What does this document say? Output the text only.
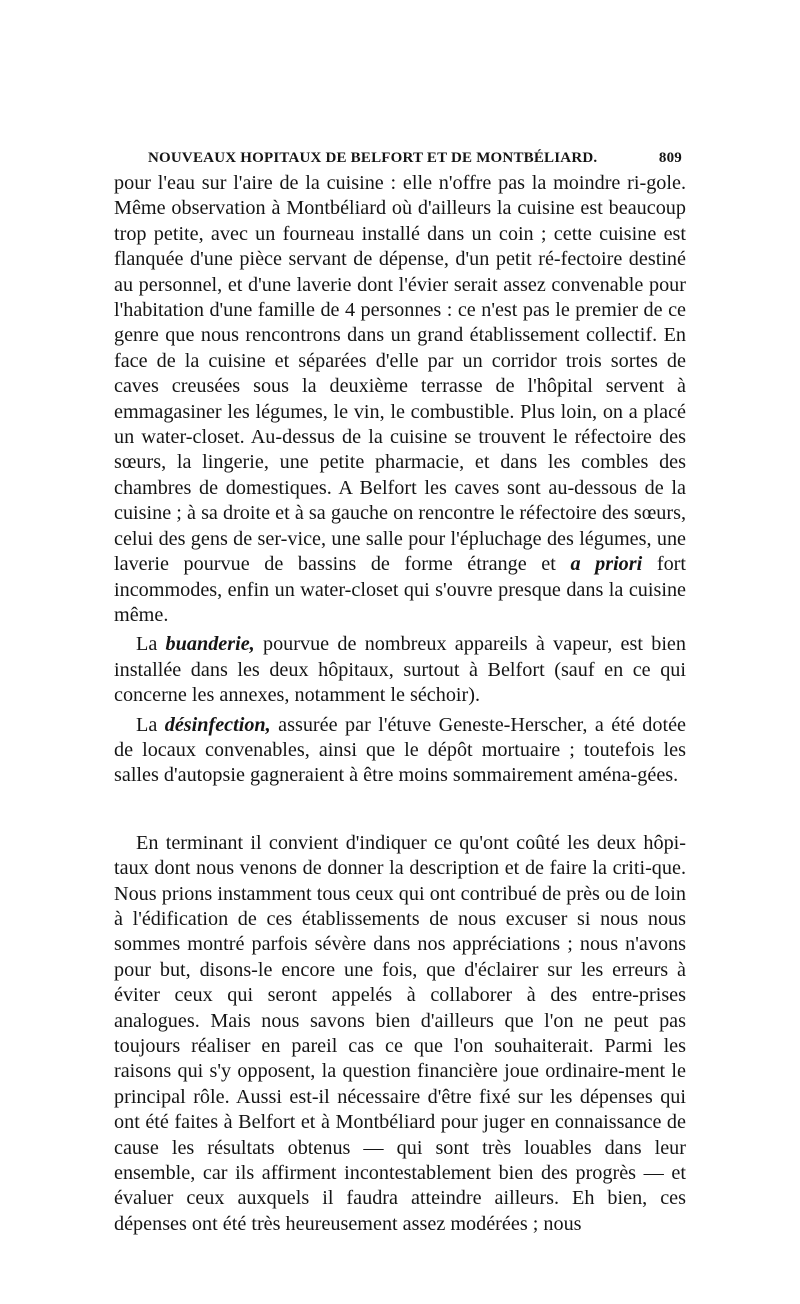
NOUVEAUX HOPITAUX DE BELFORT ET DE MONTBÉLIARD.	809

pour l'eau sur l'aire de la cuisine : elle n'offre pas la moindre ri-gole. Même observation à Montbéliard où d'ailleurs la cuisine est beaucoup trop petite, avec un fourneau installé dans un coin ; cette cuisine est flanquée d'une pièce servant de dépense, d'un petit ré-fectoire destiné au personnel, et d'une laverie dont l'évier serait assez convenable pour l'habitation d'une famille de 4 personnes : ce n'est pas le premier de ce genre que nous rencontrons dans un grand établissement collectif. En face de la cuisine et séparées d'elle par un corridor trois sortes de caves creusées sous la deuxième terrasse de l'hôpital servent à emmagasiner les légumes, le vin, le combustible. Plus loin, on a placé un water-closet. Au-dessus de la cuisine se trouvent le réfectoire des sœurs, la lingerie, une petite pharmacie, et dans les combles des chambres de domestiques. A Belfort les caves sont au-dessous de la cuisine ; à sa droite et à sa gauche on rencontre le réfectoire des sœurs, celui des gens de ser-vice, une salle pour l'épluchage des légumes, une laverie pourvue de bassins de forme étrange et a priori fort incommodes, enfin un water-closet qui s'ouvre presque dans la cuisine même.

La buanderie, pourvue de nombreux appareils à vapeur, est bien installée dans les deux hôpitaux, surtout à Belfort (sauf en ce qui concerne les annexes, notamment le séchoir).

La désinfection, assurée par l'étuve Geneste-Herscher, a été dotée de locaux convenables, ainsi que le dépôt mortuaire ; toutefois les salles d'autopsie gagneraient à être moins sommairement aména-gées.

En terminant il convient d'indiquer ce qu'ont coûté les deux hôpi-taux dont nous venons de donner la description et de faire la criti-que. Nous prions instamment tous ceux qui ont contribué de près ou de loin à l'édification de ces établissements de nous excuser si nous nous sommes montré parfois sévère dans nos appréciations ; nous n'avons pour but, disons-le encore une fois, que d'éclairer sur les erreurs à éviter ceux qui seront appelés à collaborer à des entre-prises analogues. Mais nous savons bien d'ailleurs que l'on ne peut pas toujours réaliser en pareil cas ce que l'on souhaiterait. Parmi les raisons qui s'y opposent, la question financière joue ordinaire-ment le principal rôle. Aussi est-il nécessaire d'être fixé sur les dépenses qui ont été faites à Belfort et à Montbéliard pour juger en connaissance de cause les résultats obtenus — qui sont très louables dans leur ensemble, car ils affirment incontestablement bien des progrès — et évaluer ceux auxquels il faudra atteindre ailleurs. Eh bien, ces dépenses ont été très heureusement assez modérées ; nous
